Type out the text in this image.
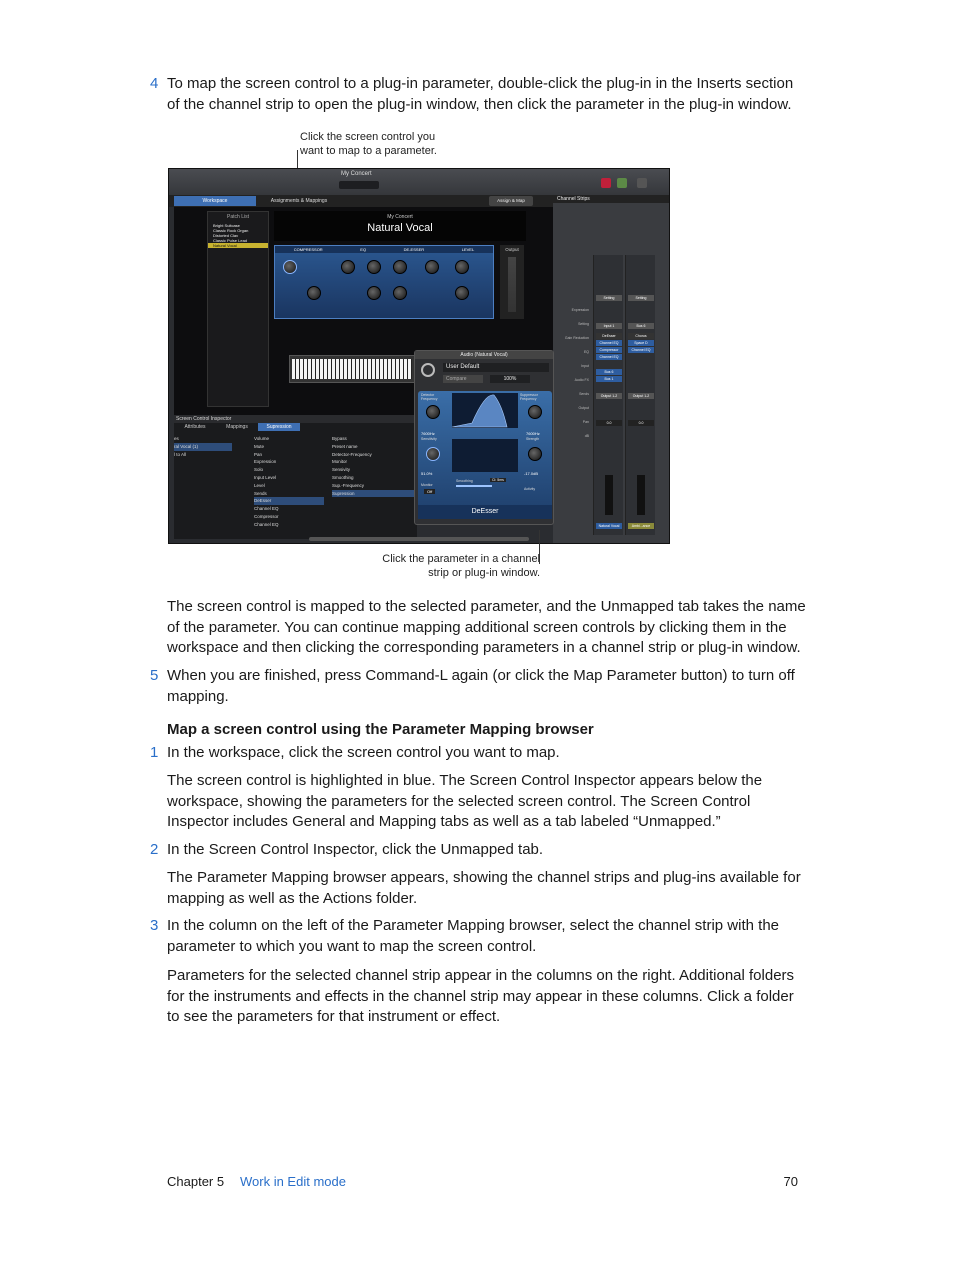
4 To map the screen control to a plug-in parameter, double-click the plug-in in the Inserts section of the channel strip to open the plug-in window, then click the parameter in the plug-in window.

Click the screen control you
want to map to a parameter.
My Concert
Workspace	Assignments & Mappings	Assign & Map
Patch List
Bright Suitcase
Classic Rock Organ
Distorted Clav
Classic Pulse Lead
Natural Vocal
My Concert
Natural Vocal
COMPRESSOR	EQ	DE-ESSER	LEVEL	Output
Screen Control Inspector
Attributes	Mappings	Supression
es
ral Vocal (1)
l to All
Volume
Mute
Pan
Expression
Solo
Input Level
Level
Sends
DeEsser
Channel EQ
Compressor
Channel EQ
Bypass
Preset name
Detector-Frequency
Monitor
Sensivity
Smoothing
Sup.-Frequency
Supression
Channel Strips
Expression
Setting
Gain Reduction
EQ
Input
Audio FX
Sends
Output
Pan
dB
Setting
Input 1
DeEsser
Channel EQ
Compressor
Channel EQ
Bus 6
Bus 1
Output 1-2
0.0
Natural Vocal
Setting
Bus 6
Chorus
Space D
Channel EQ
Output 1-2
0.0
Ambi...ance
Audio (Natural Vocal)
User Default
Compare	100%
Detector Frequency
Suppressor Frequency
7600Hz	7600Hz
Sensitivity	Strength
51.0%	-17.0dB
Monitor
Off
Smoothing	Cl: 5ms
Activity
DeEsser
Click the parameter in a channel
strip or plug-in window.

The screen control is mapped to the selected parameter, and the Unmapped tab takes the name of the parameter. You can continue mapping additional screen controls by clicking them in the workspace and then clicking the corresponding parameters in a channel strip or plug-in window.

5 When you are finished, press Command-L again (or click the Map Parameter button) to turn off mapping.

Map a screen control using the Parameter Mapping browser
1 In the workspace, click the screen control you want to map.

The screen control is highlighted in blue. The Screen Control Inspector appears below the workspace, showing the parameters for the selected screen control. The Screen Control Inspector includes General and Mapping tabs as well as a tab labeled “Unmapped.”

2 In the Screen Control Inspector, click the Unmapped tab.

The Parameter Mapping browser appears, showing the channel strips and plug-ins available for mapping as well as the Actions folder.

3 In the column on the left of the Parameter Mapping browser, select the channel strip with the parameter to which you want to map the screen control.

Parameters for the selected channel strip appear in the columns on the right. Additional folders for the instruments and effects in the channel strip may appear in these columns. Click a folder to see the parameters for that instrument or effect.

Chapter 5 Work in Edit mode	70
